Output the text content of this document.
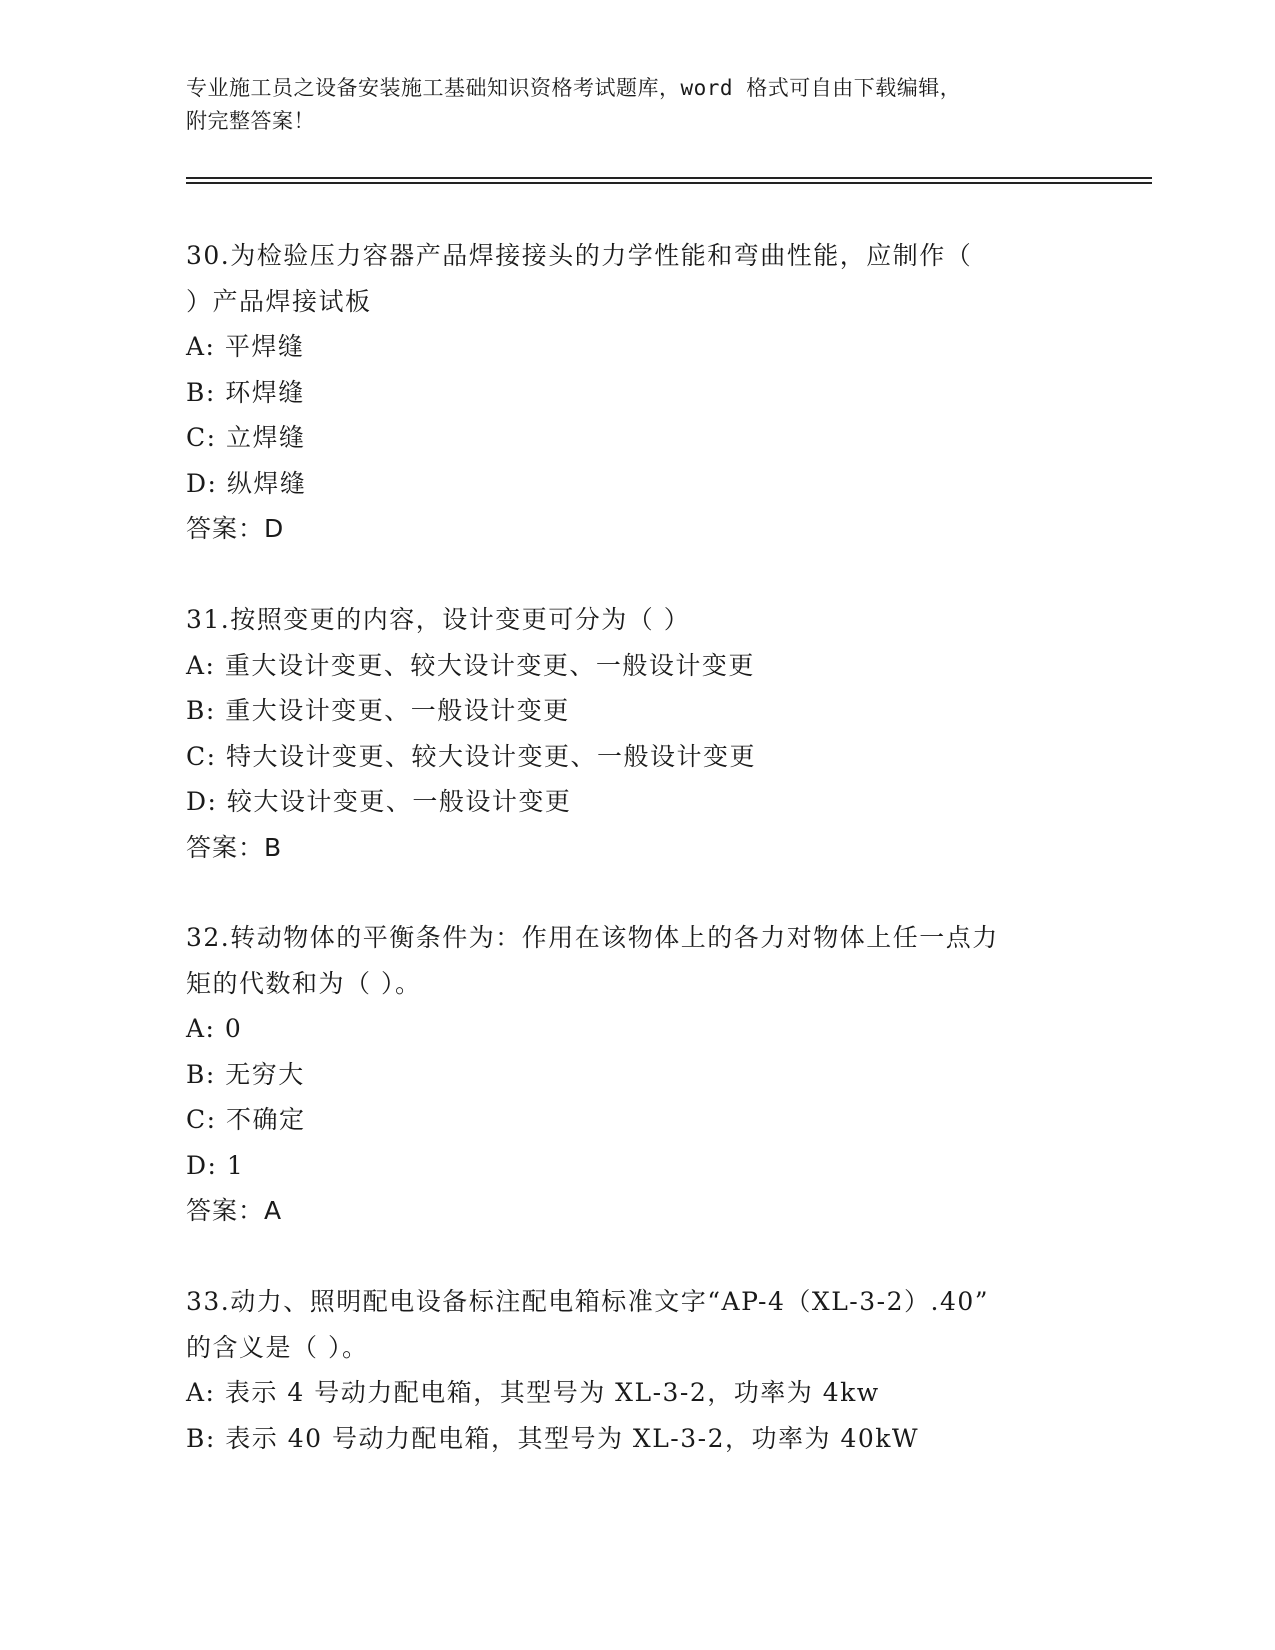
专业施工员之设备安装施工基础知识资格考试题库，word 格式可自由下载编辑，
附完整答案！
30.为检验压力容器产品焊接接头的力学性能和弯曲性能，应制作（
）产品焊接试板
A: 平焊缝
B: 环焊缝
C: 立焊缝
D: 纵焊缝
答案：D
31.按照变更的内容，设计变更可分为（ ）
A: 重大设计变更、较大设计变更、一般设计变更
B: 重大设计变更、一般设计变更
C: 特大设计变更、较大设计变更、一般设计变更
D: 较大设计变更、一般设计变更
答案：B
32.转动物体的平衡条件为：作用在该物体上的各力对物体上任一点力
矩的代数和为（ ）。
A: 0
B: 无穷大
C: 不确定
D: 1
答案：A
33.动力、照明配电设备标注配电箱标准文字“AP-4（XL-3-2）.40”
的含义是（ ）。
A: 表示 4 号动力配电箱，其型号为 XL-3-2，功率为 4kw
B: 表示 40 号动力配电箱，其型号为 XL-3-2，功率为 40kW
